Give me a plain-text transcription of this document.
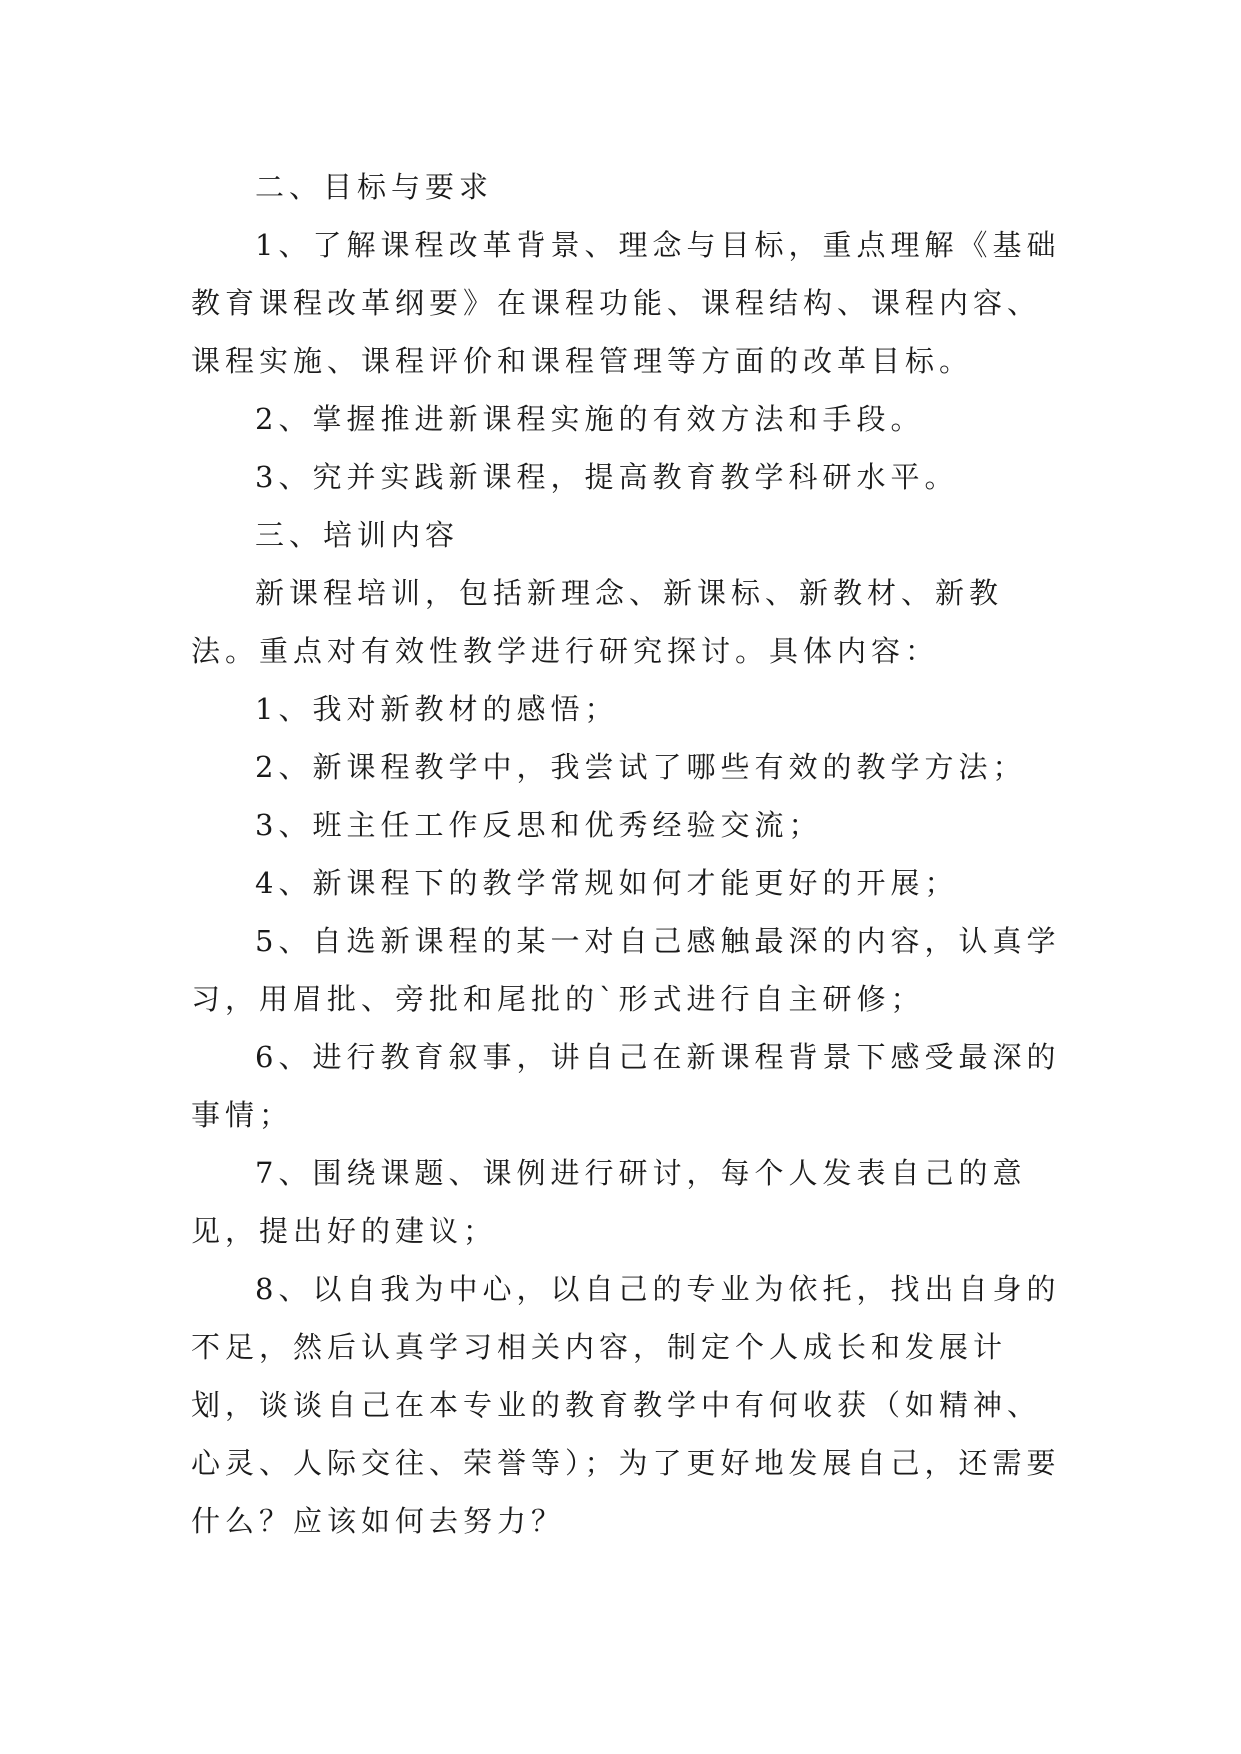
二、目标与要求

1、了解课程改革背景、理念与目标，重点理解《基础教育课程改革纲要》在课程功能、课程结构、课程内容、课程实施、课程评价和课程管理等方面的改革目标。

2、掌握推进新课程实施的有效方法和手段。

3、究并实践新课程，提高教育教学科研水平。

三、培训内容

新课程培训，包括新理念、新课标、新教材、新教法。重点对有效性教学进行研究探讨。具体内容：

1、我对新教材的感悟；

2、新课程教学中，我尝试了哪些有效的教学方法；

3、班主任工作反思和优秀经验交流；

4、新课程下的教学常规如何才能更好的开展；

5、自选新课程的某一对自己感触最深的内容，认真学习，用眉批、旁批和尾批的`形式进行自主研修；

6、进行教育叙事，讲自己在新课程背景下感受最深的事情；

7、围绕课题、课例进行研讨，每个人发表自己的意见，提出好的建议；

8、以自我为中心，以自己的专业为依托，找出自身的不足，然后认真学习相关内容，制定个人成长和发展计划，谈谈自己在本专业的教育教学中有何收获（如精神、心灵、人际交往、荣誉等）；为了更好地发展自己，还需要什么？应该如何去努力？
